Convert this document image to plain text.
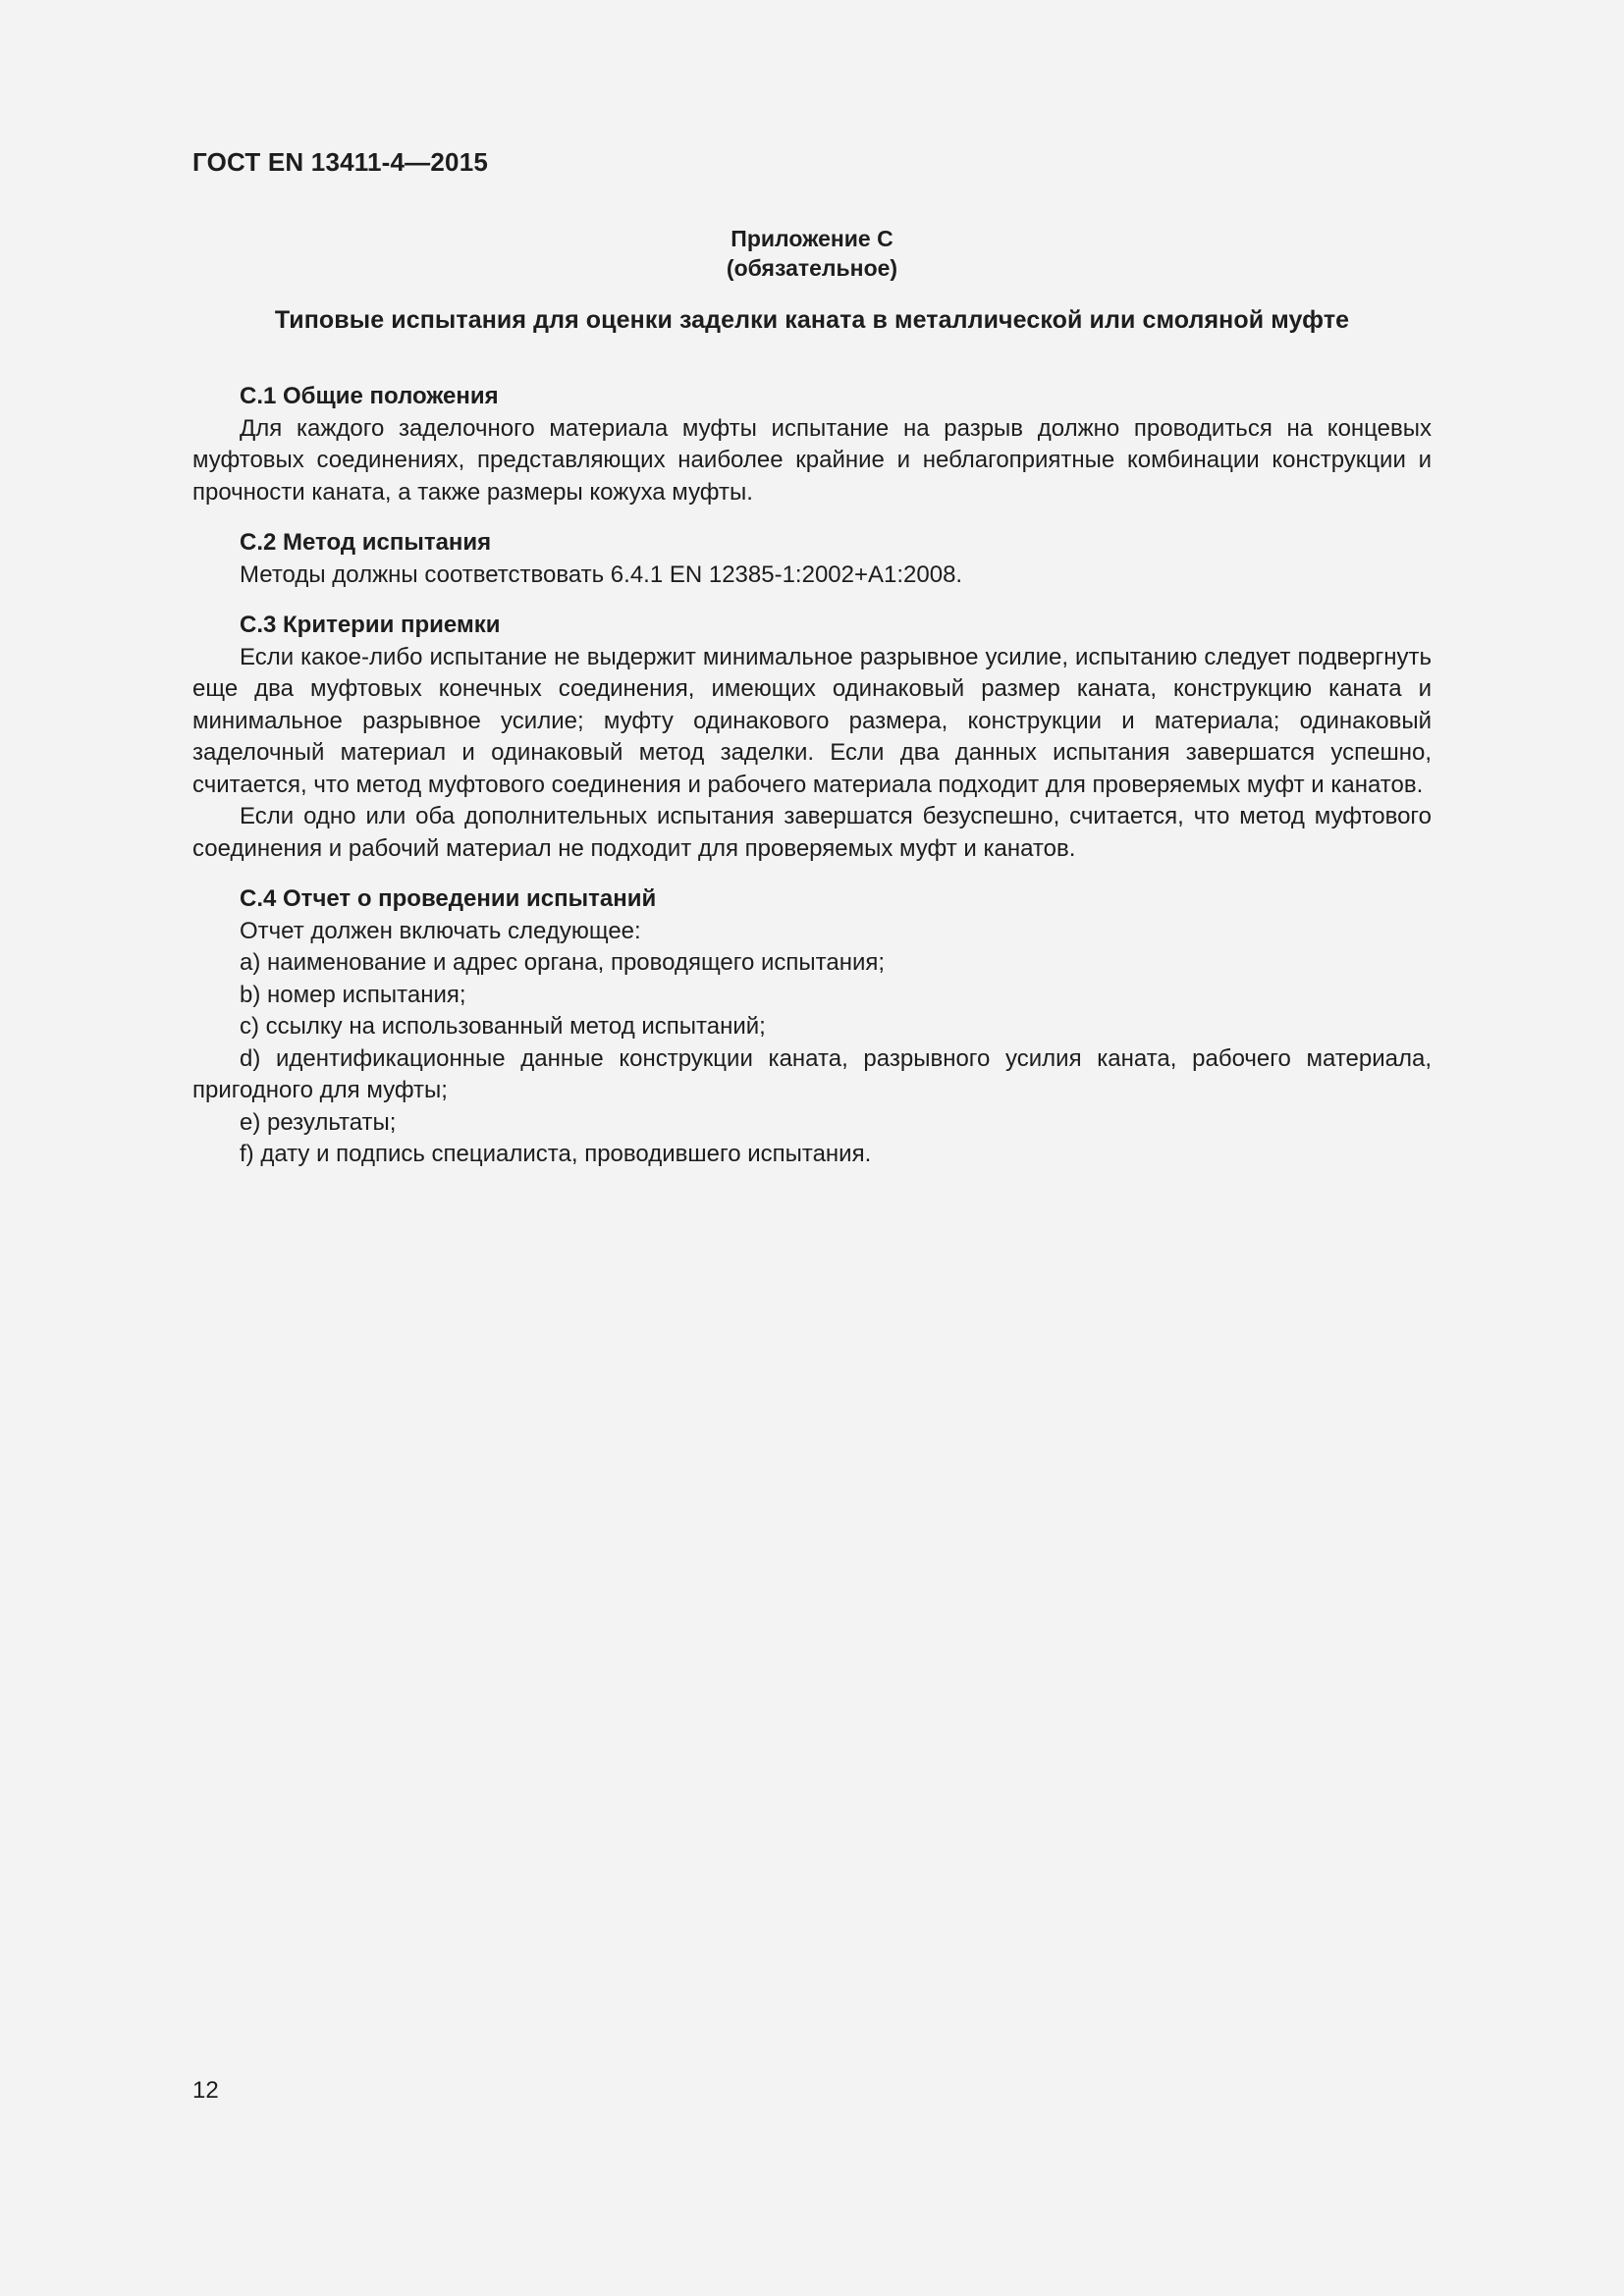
ГОСТ EN 13411-4—2015
Приложение С
(обязательное)
Типовые испытания для оценки заделки каната в металлической или смоляной муфте
C.1 Общие положения

Для каждого заделочного материала муфты испытание на разрыв должно проводиться на концевых муфтовых соединениях, представляющих наиболее крайние и неблагоприятные комбинации конструкции и прочности каната, а также размеры кожуха муфты.

C.2 Метод испытания

Методы должны соответствовать 6.4.1 EN 12385-1:2002+A1:2008.

C.3 Критерии приемки

Если какое-либо испытание не выдержит минимальное разрывное усилие, испытанию следует подвергнуть еще два муфтовых конечных соединения, имеющих одинаковый размер каната, конструкцию каната и минимальное разрывное усилие; муфту одинакового размера, конструкции и материала; одинаковый заделочный материал и одинаковый метод заделки. Если два данных испытания завершатся успешно, считается, что метод муфтового соединения и рабочего материала подходит для проверяемых муфт и канатов.

Если одно или оба дополнительных испытания завершатся безуспешно, считается, что метод муфтового соединения и рабочий материал не подходит для проверяемых муфт и канатов.

C.4 Отчет о проведении испытаний

Отчет должен включать следующее:

a) наименование и адрес органа, проводящего испытания;

b) номер испытания;

c) ссылку на использованный метод испытаний;

d) идентификационные данные конструкции каната, разрывного усилия каната, рабочего материала, пригодного для муфты;

e) результаты;

f) дату и подпись специалиста, проводившего испытания.

12
